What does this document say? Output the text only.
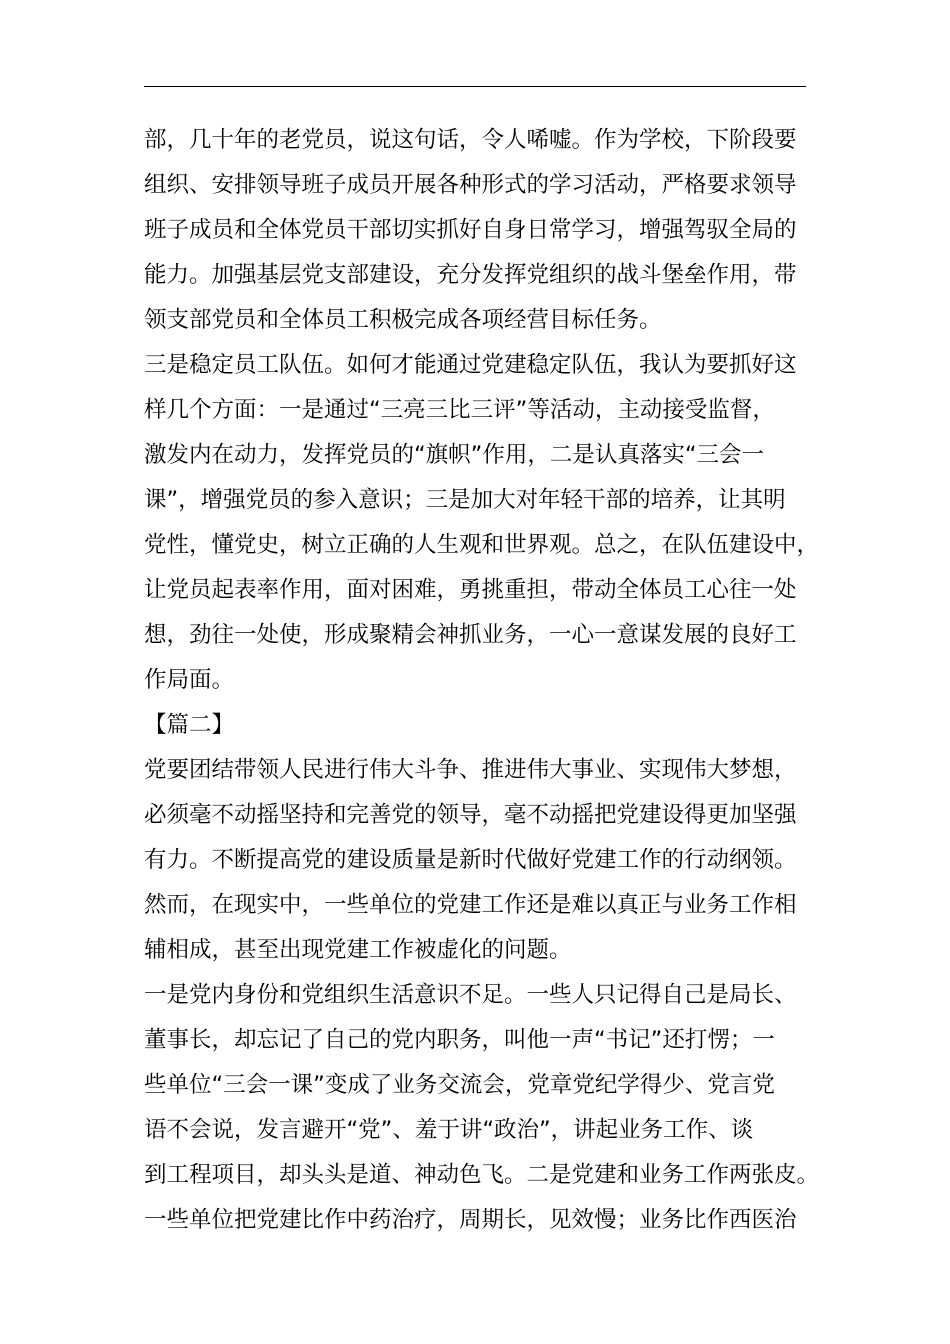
部，几十年的老党员，说这句话，令人唏嘘。作为学校，下阶段要
组织、安排领导班子成员开展各种形式的学习活动，严格要求领导
班子成员和全体党员干部切实抓好自身日常学习，增强驾驭全局的
能力。加强基层党支部建设，充分发挥党组织的战斗堡垒作用，带
领支部党员和全体员工积极完成各项经营目标任务。
三是稳定员工队伍。如何才能通过党建稳定队伍，我认为要抓好这
样几个方面：一是通过“三亮三比三评”等活动，主动接受监督，
激发内在动力，发挥党员的“旗帜”作用，二是认真落实“三会一
课”，增强党员的参入意识；三是加大对年轻干部的培养，让其明
党性，懂党史，树立正确的人生观和世界观。总之，在队伍建设中，
让党员起表率作用，面对困难，勇挑重担，带动全体员工心往一处
想，劲往一处使，形成聚精会神抓业务，一心一意谋发展的良好工
作局面。
【篇二】
党要团结带领人民进行伟大斗争、推进伟大事业、实现伟大梦想，
必须毫不动摇坚持和完善党的领导，毫不动摇把党建设得更加坚强
有力。不断提高党的建设质量是新时代做好党建工作的行动纲领。
然而，在现实中，一些单位的党建工作还是难以真正与业务工作相
辅相成，甚至出现党建工作被虚化的问题。
一是党内身份和党组织生活意识不足。一些人只记得自己是局长、
董事长，却忘记了自己的党内职务，叫他一声“书记”还打愣；一
些单位“三会一课”变成了业务交流会，党章党纪学得少、党言党
语不会说，发言避开“党”、羞于讲“政治”，讲起业务工作、谈
到工程项目，却头头是道、神动色飞。二是党建和业务工作两张皮。
一些单位把党建比作中药治疗，周期长，见效慢；业务比作西医治
